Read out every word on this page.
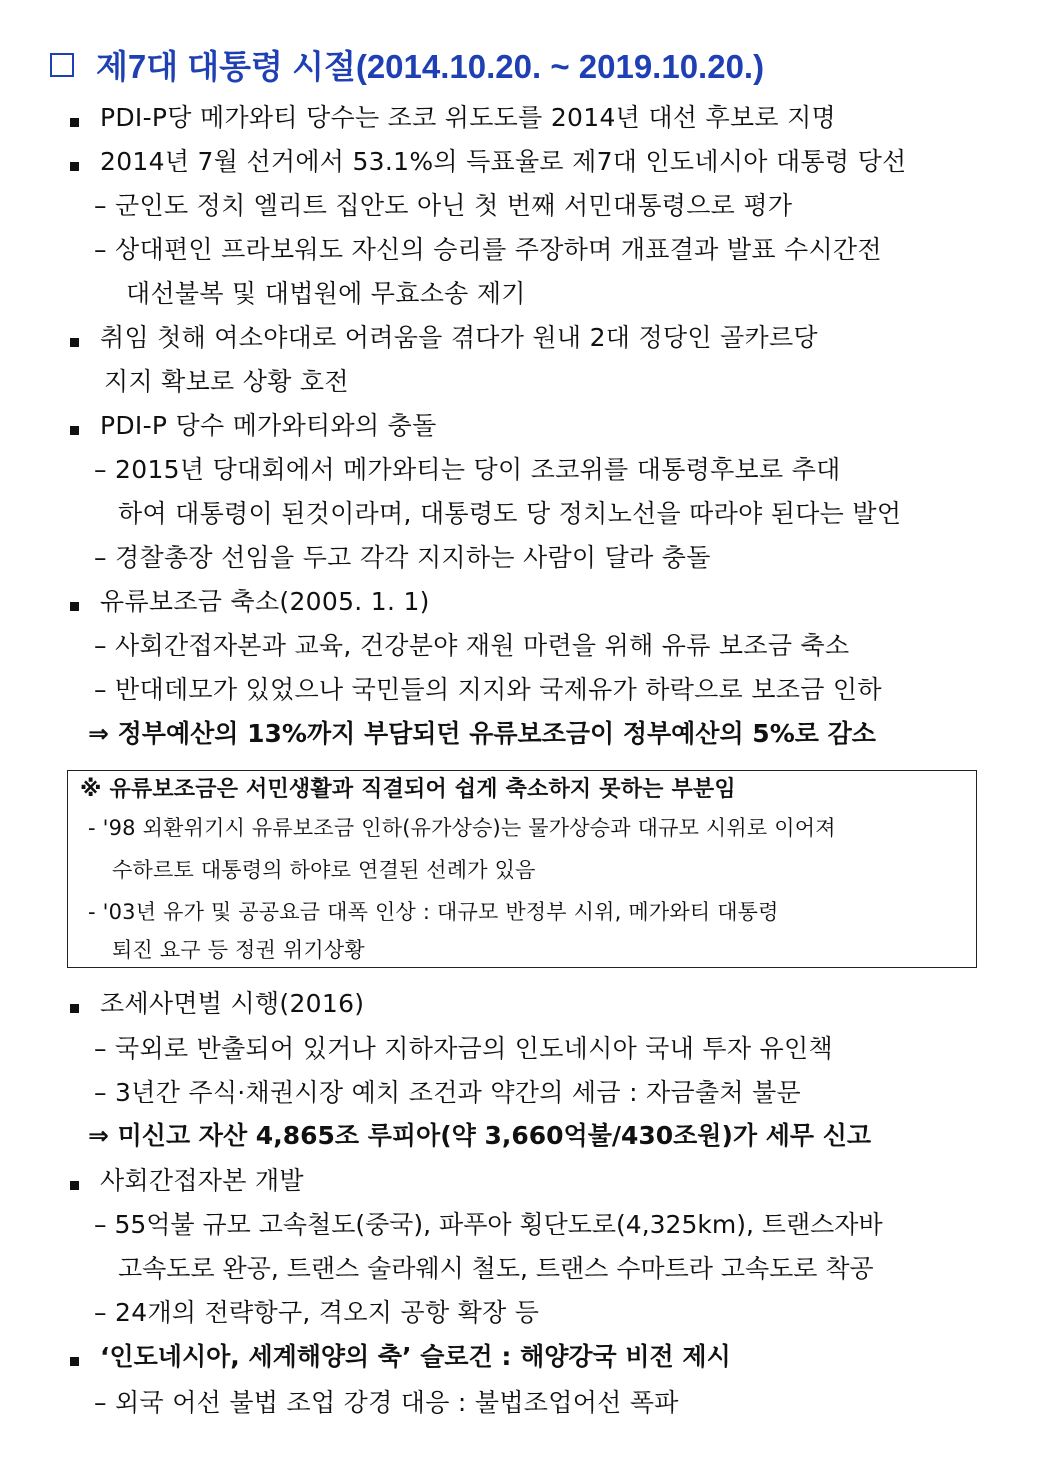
제7대 대통령 시절(2014.10.20. ~ 2019.10.20.)
PDI-P당 메가와티 당수는 조코 위도도를 2014년 대선 후보로 지명
2014년 7월 선거에서 53.1%의 득표율로 제7대 인도네시아 대통령 당선
– 군인도 정치 엘리트 집안도 아닌 첫 번째 서민대통령으로 평가
– 상대편인 프라보워도 자신의 승리를 주장하며 개표결과 발표 수시간전
대선불복 및 대법원에 무효소송 제기
취임 첫해 여소야대로 어려움을 겪다가 원내 2대 정당인 골카르당
지지 확보로 상황 호전
PDI-P 당수 메가와티와의 충돌
– 2015년 당대회에서 메가와티는 당이 조코위를 대통령후보로 추대
하여 대통령이 된것이라며, 대통령도 당 정치노선을 따라야 된다는 발언
– 경찰총장 선임을 두고 각각 지지하는 사람이 달라 충돌
유류보조금 축소(2005. 1. 1)
– 사회간접자본과 교육, 건강분야 재원 마련을 위해 유류 보조금 축소
– 반대데모가 있었으나 국민들의 지지와 국제유가 하락으로 보조금 인하
⇒ 정부예산의 13%까지 부담되던 유류보조금이 정부예산의 5%로 감소
※ 유류보조금은 서민생활과 직결되어 쉽게 축소하지 못하는 부분임
- '98 외환위기시 유류보조금 인하(유가상승)는 물가상승과 대규모 시위로 이어져
수하르토 대통령의 하야로 연결된 선례가 있음
- '03년 유가 및 공공요금 대폭 인상 : 대규모 반정부 시위, 메가와티 대통령
퇴진 요구 등 정권 위기상황
조세사면벌 시행(2016)
– 국외로 반출되어 있거나 지하자금의 인도네시아 국내 투자 유인책
– 3년간 주식·채권시장 예치 조건과 약간의 세금 : 자금출처 불문
⇒ 미신고 자산 4,865조 루피아(약 3,660억불/430조원)가 세무 신고
사회간접자본 개발
– 55억불 규모 고속철도(중국), 파푸아 횡단도로(4,325km), 트랜스자바
고속도로 완공, 트랜스 술라웨시 철도, 트랜스 수마트라 고속도로 착공
– 24개의 전략항구, 격오지 공항 확장 등
‘인도네시아, 세계해양의 축’ 슬로건 : 해양강국 비전 제시
– 외국 어선 불법 조업 강경 대응 : 불법조업어선 폭파
